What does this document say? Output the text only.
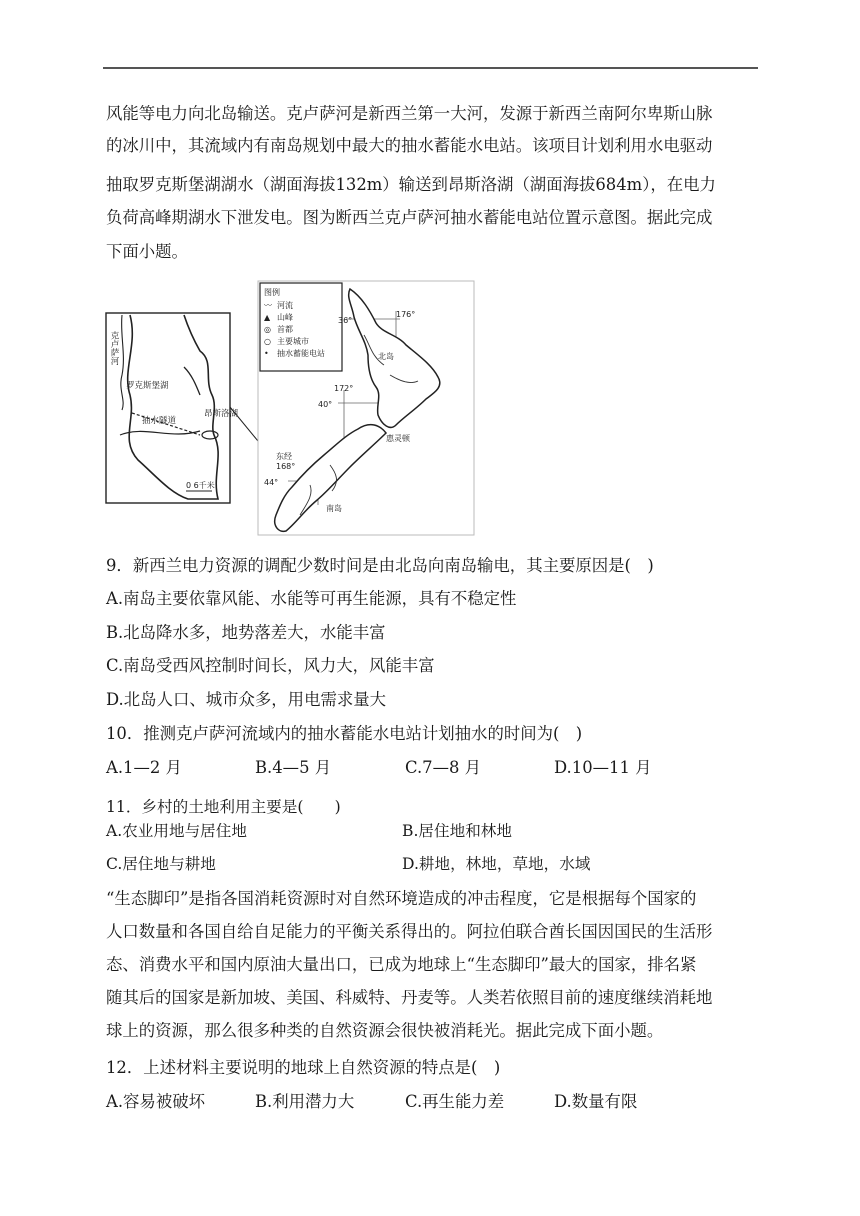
风能等电力向北岛输送。克卢萨河是新西兰第一大河，发源于新西兰南阿尔卑斯山脉
的冰川中，其流域内有南岛规划中最大的抽水蓄能水电站。该项目计划利用水电驱动
抽取罗克斯堡湖湖水（湖面海拔132m）输送到昂斯洛湖（湖面海拔684m），在电力
负荷高峰期湖水下泄发电。图为断西兰克卢萨河抽水蓄能电站位置示意图。据此完成
下面小题。
克卢萨河
罗克斯堡湖
抽水隧道
昂斯洛湖
0 6千米
图例
〰 河流
▲ 山峰
◎ 首都
○ 主要城市
• 抽水蓄能电站
176°
36°
172°
40°
东经
168°
44°
北岛
惠灵顿
南岛
9．新西兰电力资源的调配少数时间是由北岛向南岛输电，其主要原因是(　)
A.南岛主要依靠风能、水能等可再生能源，具有不稳定性
B.北岛降水多，地势落差大，水能丰富
C.南岛受西风控制时间长，风力大，风能丰富
D.北岛人口、城市众多，用电需求量大
10．推测克卢萨河流域内的抽水蓄能水电站计划抽水的时间为(　)
A.1—2 月	B.4—5 月	C.7—8 月	D.10—11 月
11．乡村的土地利用主要是(　　)
A.农业用地与居住地	B.居住地和林地
C.居住地与耕地	D.耕地，林地，草地，水域
“生态脚印”是指各国消耗资源时对自然环境造成的冲击程度，它是根据每个国家的
人口数量和各国自给自足能力的平衡关系得出的。阿拉伯联合酋长国因国民的生活形
态、消费水平和国内原油大量出口，已成为地球上“生态脚印”最大的国家，排名紧
随其后的国家是新加坡、美国、科威特、丹麦等。人类若依照目前的速度继续消耗地
球上的资源，那么很多种类的自然资源会很快被消耗光。据此完成下面小题。
12．上述材料主要说明的地球上自然资源的特点是(　)
A.容易被破坏	B.利用潜力大	C.再生能力差	D.数量有限
